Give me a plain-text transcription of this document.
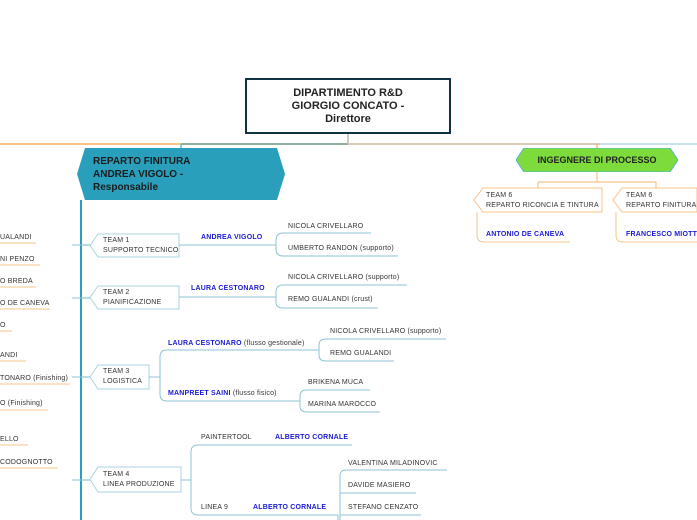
DIPARTIMENTO R&D
GIORGIO CONCATO -
Direttore
REPARTO FINITURA
ANDREA VIGOLO -
Responsabile
INGEGNERE DI PROCESSO
UALANDI
NI PENZO
O BREDA
O DE CANEVA
O
ANDI
TONARO (Finishing)
O (Finishing)
ELLO
CODOGNOTTO
TEAM 1
SUPPORTO TECNICO
ANDREA VIGOLO
NICOLA CRIVELLARO
UMBERTO RANDON (supporto)
TEAM 2
PIANIFICAZIONE
LAURA CESTONARO
NICOLA CRIVELLARO (supporto)
REMO GUALANDI (crust)
TEAM 3
LOGISTICA
LAURA CESTONARO (flusso gestionale)
NICOLA CRIVELLARO (supporto)
REMO GUALANDI
MANPREET SAINI (flusso fisico)
BRIKENA MUCA
MARINA MAROCCO
TEAM 4
LINEA PRODUZIONE
PAINTERTOOL	ALBERTO CORNALE
LINEA 9	ALBERTO CORNALE
VALENTINA MILADINOVIC
DAVIDE MASIERO
STEFANO CENZATO
TEAM 6
REPARTO RICONCIA E TINTURA
ANTONIO DE CANEVA
TEAM 6
REPARTO FINITURA
FRANCESCO MIOTT
